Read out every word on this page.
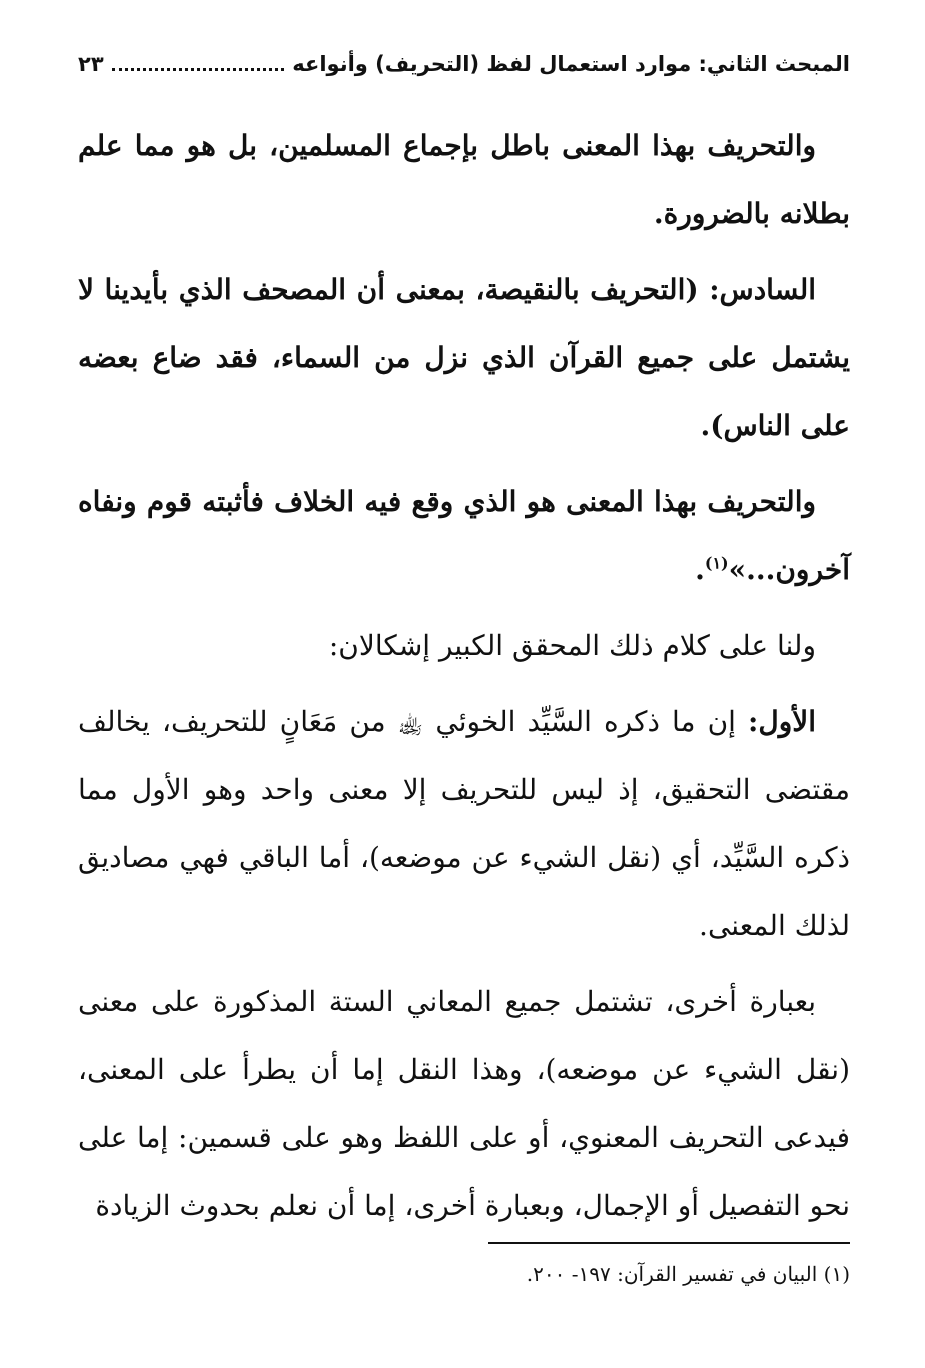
المبحث الثاني: موارد استعمال لفظ (التحريف) وأنواعه
٢٣

والتحريف بهذا المعنى باطل بإجماع المسلمين، بل هو مما علم بطلانه بالضرورة.

السادس: (التحريف بالنقيصة، بمعنى أن المصحف الذي بأيدينا لا يشتمل على جميع القرآن الذي نزل من السماء، فقد ضاع بعضه على الناس).

والتحريف بهذا المعنى هو الذي وقع فيه الخلاف فأثبته قوم ونفاه آخرون...»$^{(١)}$.

ولنا على كلام ذلك المحقق الكبير إشكالان:

الأول: إن ما ذكره السَّيِّد الخوئي ﵀ من مَعَانٍ للتحريف، يخالف مقتضى التحقيق، إذ ليس للتحريف إلا معنى واحد وهو الأول مما ذكره السَّيِّد، أي (نقل الشيء عن موضعه)، أما الباقي فهي مصاديق لذلك المعنى.

بعبارة أخرى، تشتمل جميع المعاني الستة المذكورة على معنى (نقل الشيء عن موضعه)، وهذا النقل إما أن يطرأ على المعنى، فيدعى التحريف المعنوي، أو على اللفظ وهو على قسمين: إما على نحو التفصيل أو الإجمال، وبعبارة أخرى، إما أن نعلم بحدوث الزيادة

(١) البيان في تفسير القرآن: ١٩٧- ٢٠٠.
